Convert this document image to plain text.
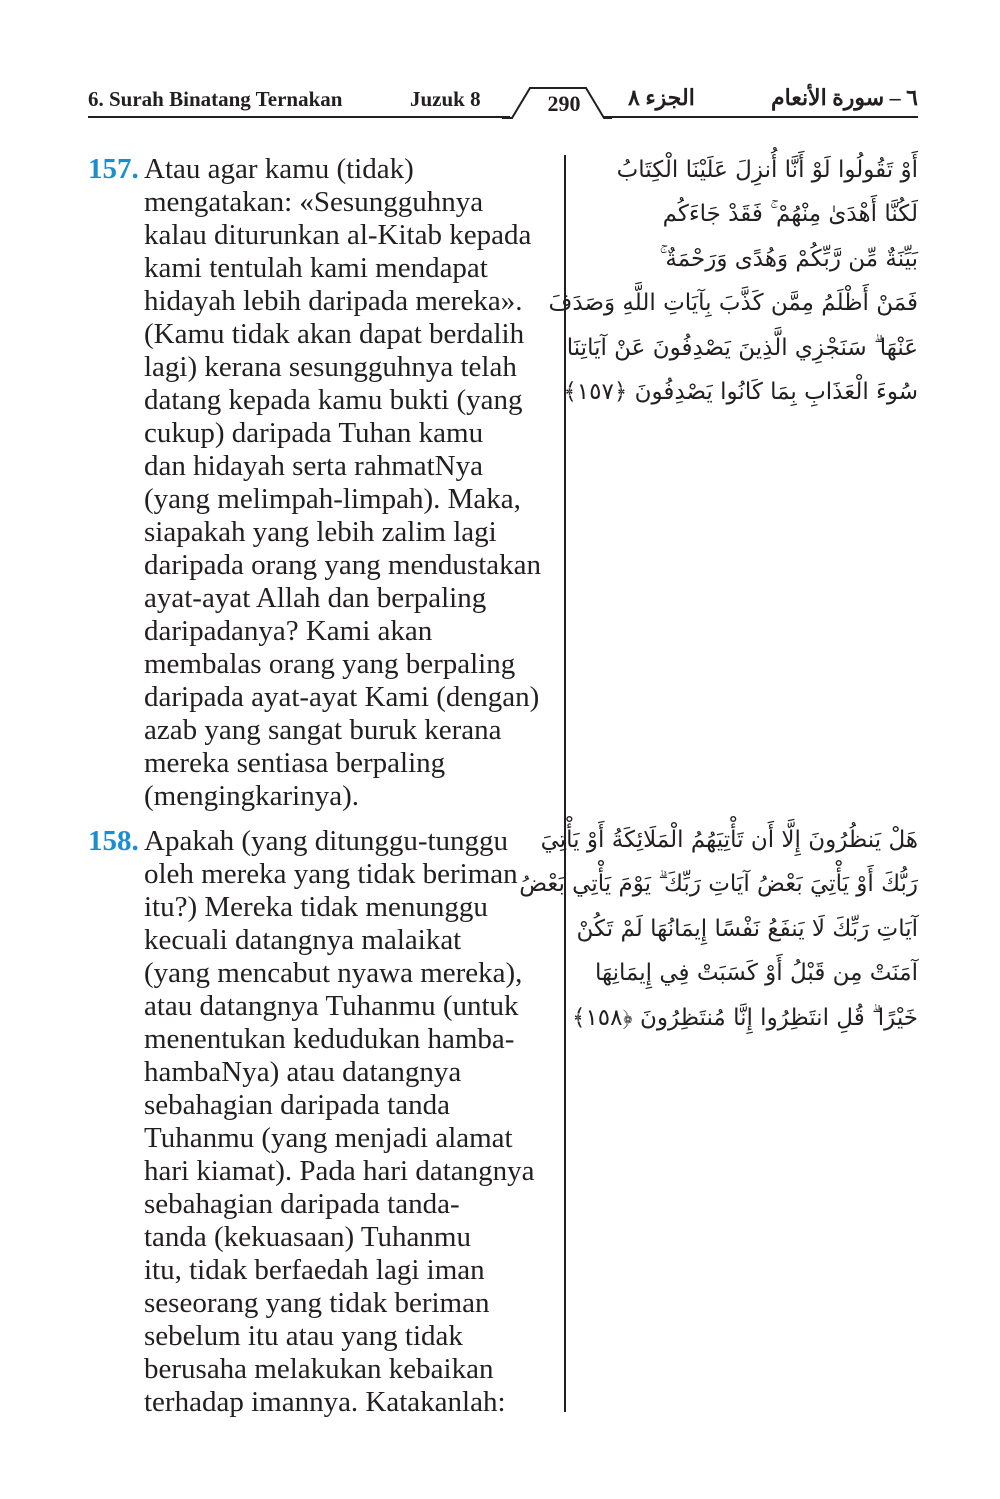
6. Surah Binatang Ternakan	Juzuk 8	290	الجزء ٨	٦ – سورة الأنعام
157. Atau agar kamu (tidak)
mengatakan: «Sesungguhnya
kalau diturunkan al-Kitab kepada
kami tentulah kami mendapat
hidayah lebih daripada mereka».
(Kamu tidak akan dapat berdalih
lagi) kerana sesungguhnya telah
datang kepada kamu bukti (yang
cukup) daripada Tuhan kamu
dan hidayah serta rahmatNya
(yang melimpah-limpah). Maka,
siapakah yang lebih zalim lagi
daripada orang yang mendustakan
ayat-ayat Allah dan berpaling
daripadanya? Kami akan
membalas orang yang berpaling
daripada ayat-ayat Kami (dengan)
azab yang sangat buruk kerana
mereka sentiasa berpaling
(mengingkarinya).
أَوْ تَقُولُوا لَوْ أَنَّا أُنزِلَ عَلَيْنَا الْكِتَابُ
لَكُنَّا أَهْدَىٰ مِنْهُمْ ۚ فَقَدْ جَاءَكُم
بَيِّنَةٌ مِّن رَّبِّكُمْ وَهُدًى وَرَحْمَةٌ ۚ
فَمَنْ أَظْلَمُ مِمَّن كَذَّبَ بِآيَاتِ اللَّهِ وَصَدَفَ
عَنْهَا ۗ سَنَجْزِي الَّذِينَ يَصْدِفُونَ عَنْ آيَاتِنَا
سُوءَ الْعَذَابِ بِمَا كَانُوا يَصْدِفُونَ ﴿١٥٧﴾
158. Apakah (yang ditunggu-tunggu
oleh mereka yang tidak beriman
itu?) Mereka tidak menunggu
kecuali datangnya malaikat
(yang mencabut nyawa mereka),
atau datangnya Tuhanmu (untuk
menentukan kedudukan hamba-
hambaNya) atau datangnya
sebahagian daripada tanda
Tuhanmu (yang menjadi alamat
hari kiamat). Pada hari datangnya
sebahagian daripada tanda-
tanda (kekuasaan) Tuhanmu
itu, tidak berfaedah lagi iman
seseorang yang tidak beriman
sebelum itu atau yang tidak
berusaha melakukan kebaikan
terhadap imannya. Katakanlah:
هَلْ يَنظُرُونَ إِلَّا أَن تَأْتِيَهُمُ الْمَلَائِكَةُ أَوْ يَأْتِيَ
رَبُّكَ أَوْ يَأْتِيَ بَعْضُ آيَاتِ رَبِّكَ ۗ يَوْمَ يَأْتِي بَعْضُ
آيَاتِ رَبِّكَ لَا يَنفَعُ نَفْسًا إِيمَانُهَا لَمْ تَكُنْ
آمَنَتْ مِن قَبْلُ أَوْ كَسَبَتْ فِي إِيمَانِهَا
خَيْرًا ۗ قُلِ انتَظِرُوا إِنَّا مُنتَظِرُونَ ﴿١٥٨﴾
